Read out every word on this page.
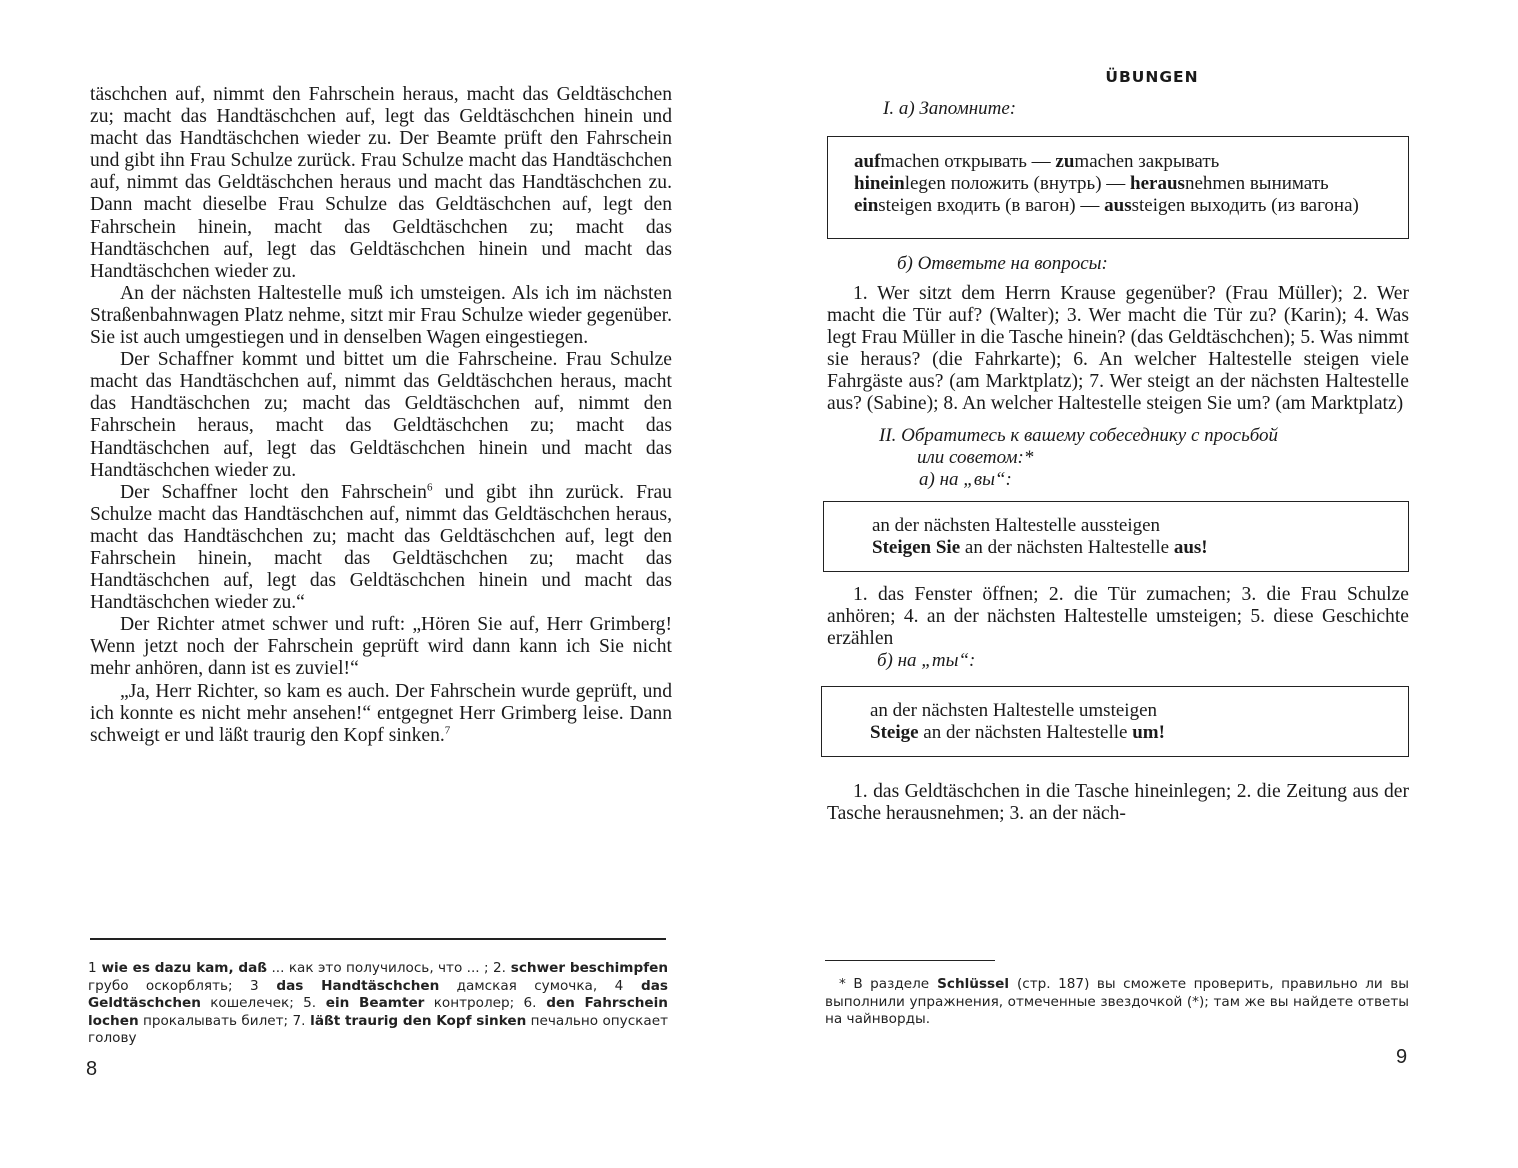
täschchen auf, nimmt den Fahrschein heraus, macht das Geldtäschchen zu; macht das Handtäschchen auf, legt das Geldtäschchen hinein und macht das Handtäschchen wieder zu. Der Beamte prüft den Fahrschein und gibt ihn Frau Schulze zurück. Frau Schulze macht das Handtäschchen auf, nimmt das Geldtäschchen heraus und macht das Handtäschchen zu. Dann macht dieselbe Frau Schulze das Geldtäschchen auf, legt den Fahrschein hinein, macht das Geldtäschchen zu; macht das Handtäschchen auf, legt das Geldtäschchen hinein und macht das Handtäschchen wieder zu.

An der nächsten Haltestelle muß ich umsteigen. Als ich im nächsten Straßenbahnwagen Platz nehme, sitzt mir Frau Schulze wieder gegenüber. Sie ist auch umgestiegen und in denselben Wagen eingestiegen.

Der Schaffner kommt und bittet um die Fahrscheine. Frau Schulze macht das Handtäschchen auf, nimmt das Geldtäschchen heraus, macht das Handtäschchen zu; macht das Geldtäschchen auf, nimmt den Fahrschein heraus, macht das Geldtäschchen zu; macht das Handtäschchen auf, legt das Geldtäschchen hinein und macht das Handtäschchen wieder zu.

Der Schaffner locht den Fahrschein$^6$ und gibt ihn zurück. Frau Schulze macht das Handtäschchen auf, nimmt das Geldtäschchen heraus, macht das Handtäschchen zu; macht das Geldtäschchen auf, legt den Fahrschein hinein, macht das Geldtäschchen zu; macht das Handtäschchen auf, legt das Geldtäschchen hinein und macht das Handtäschchen wieder zu.“

Der Richter atmet schwer und ruft: „Hören Sie auf, Herr Grimberg! Wenn jetzt noch der Fahrschein geprüft wird dann kann ich Sie nicht mehr anhören, dann ist es zuviel!“

„Ja, Herr Richter, so kam es auch. Der Fahrschein wurde geprüft, und ich konnte es nicht mehr ansehen!“ entgegnet Herr Grimberg leise. Dann schweigt er und läßt traurig den Kopf sinken.$^7$

1 wie es dazu kam, daß ... как это получилось, что ... ; 2. schwer beschimpfen грубо оскорблять; 3 das Handtäschchen дамская сумочка, 4 das Geldtäschchen кошелечек; 5. ein Beamter контролер; 6. den Fahrschein lochen прокалывать билет; 7. läßt traurig den Kopf sinken печально опускает голову
8
ÜBUNGEN

I. а) Запомните:

aufmachen открывать — zumachen закрывать
hineinlegen положить (внутрь) — herausnehmen вынимать
einsteigen входить (в вагон) — aussteigen выходить (из вагона)

б) Ответьте на вопросы:

1. Wer sitzt dem Herrn Krause gegenüber? (Frau Müller); 2. Wer macht die Tür auf? (Walter); 3. Wer macht die Tür zu? (Karin); 4. Was legt Frau Müller in die Tasche hinein? (das Geldtäschchen); 5. Was nimmt sie heraus? (die Fahrkarte); 6. An welcher Haltestelle steigen viele Fahrgäste aus? (am Marktplatz); 7. Wer steigt an der nächsten Haltestelle aus? (Sabine); 8. An welcher Haltestelle steigen Sie um? (am Marktplatz)

II. Обратитесь к вашему собеседнику с просьбой

или советом:*

а) на „вы“:

an der nächsten Haltestelle aussteigen
Steigen Sie an der nächsten Haltestelle aus!

1. das Fenster öffnen; 2. die Tür zumachen; 3. die Frau Schulze anhören; 4. an der nächsten Haltestelle umsteigen; 5. diese Geschichte erzählen

б) на „ты“:

an der nächsten Haltestelle umsteigen
Steige an der nächsten Haltestelle um!

1. das Geldtäschchen in die Tasche hineinlegen; 2. die Zeitung aus der Tasche herausnehmen; 3. an der näch-

* В разделе Schlüssel (стр. 187) вы сможете проверить, правильно ли вы выполнили упражнения, отмеченные звездочкой (*); там же вы найдете ответы на чайнворды.
9
